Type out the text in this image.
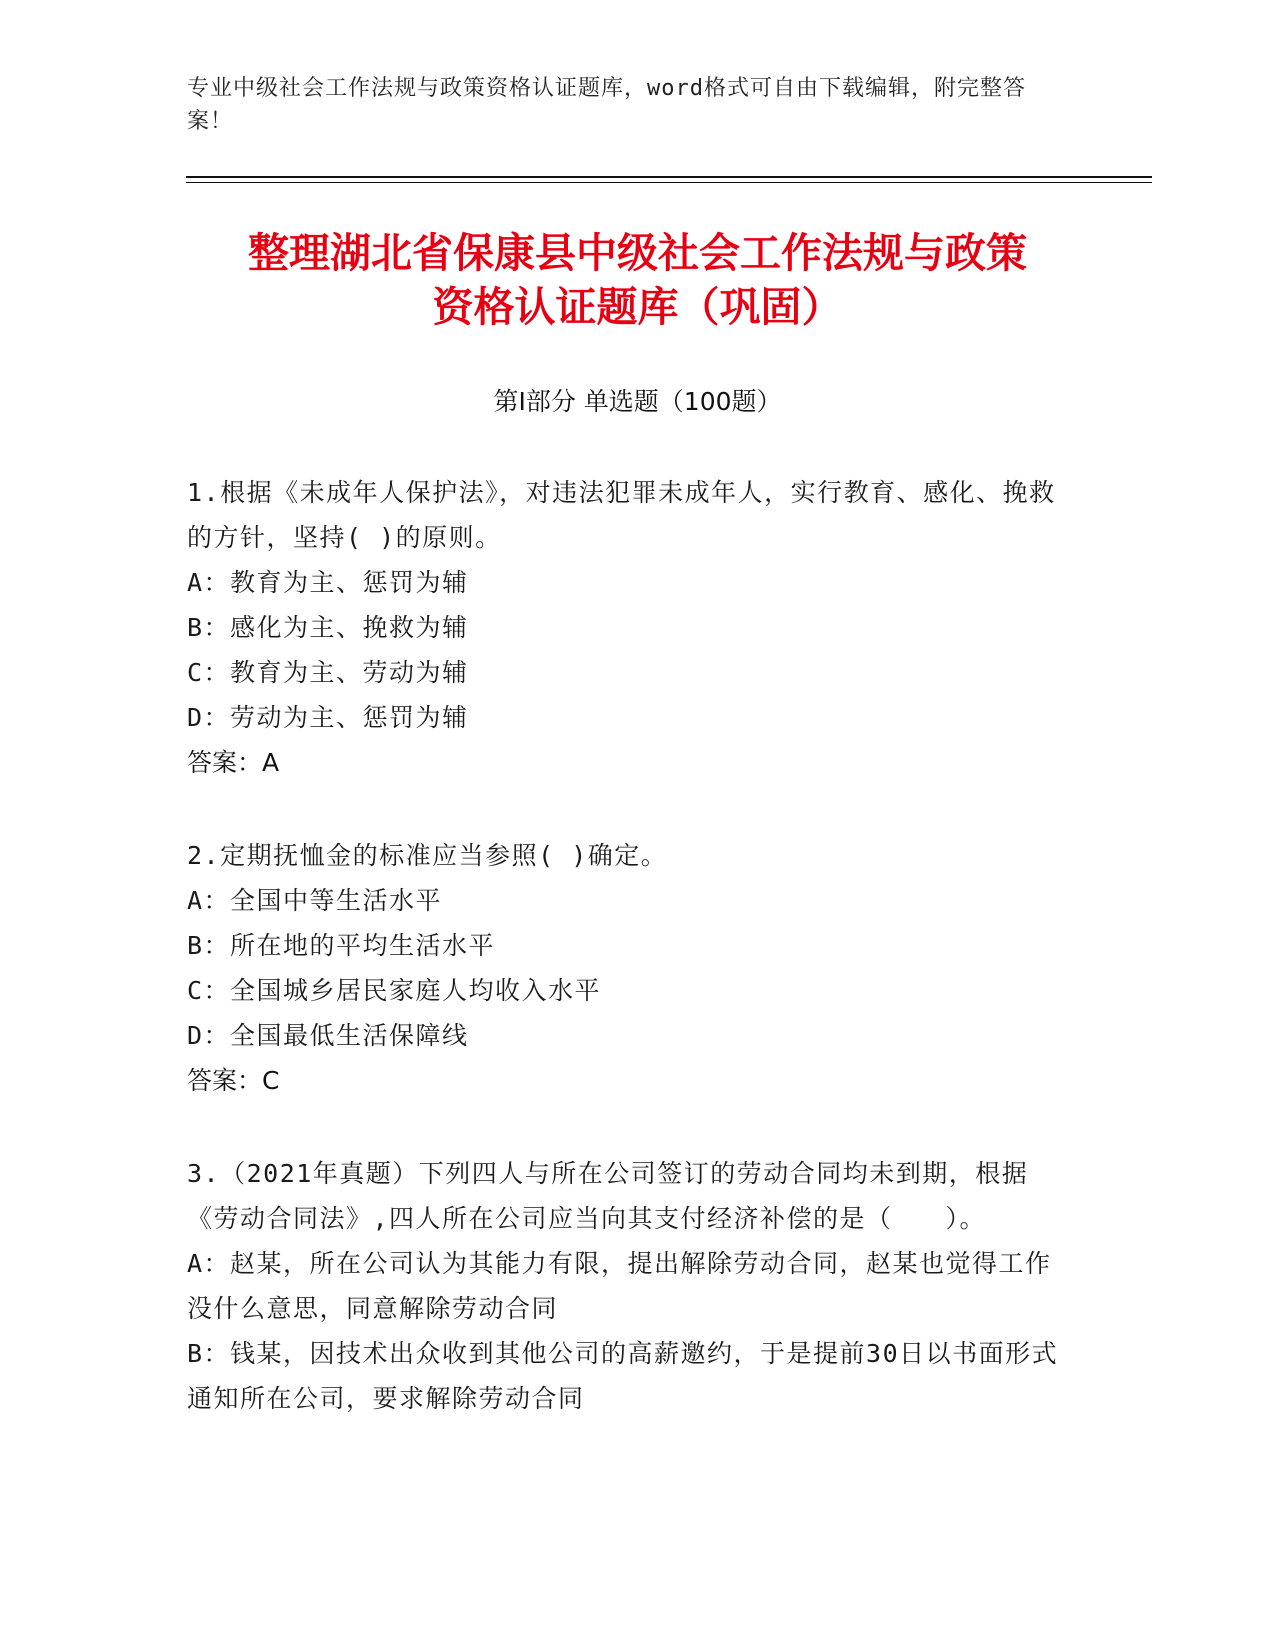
专业中级社会工作法规与政策资格认证题库，word格式可自由下载编辑，附完整答案！
整理湖北省保康县中级社会工作法规与政策
资格认证题库（巩固）
第I部分 单选题（100题）

1.根据《未成年人保护法》，对违法犯罪未成年人，实行教育、感化、挽救的方针，坚持( )的原则。

A：教育为主、惩罚为辅

B：感化为主、挽救为辅

C：教育为主、劳动为辅

D：劳动为主、惩罚为辅

答案：A

2.定期抚恤金的标准应当参照( )确定。

A：全国中等生活水平

B：所在地的平均生活水平

C：全国城乡居民家庭人均收入水平

D：全国最低生活保障线

答案：C

3.（2021年真题）下列四人与所在公司签订的劳动合同均未到期，根据《劳动合同法》,四人所在公司应当向其支付经济补偿的是（　　）。

A：赵某，所在公司认为其能力有限，提出解除劳动合同，赵某也觉得工作没什么意思，同意解除劳动合同

B：钱某，因技术出众收到其他公司的高薪邀约，于是提前30日以书面形式通知所在公司，要求解除劳动合同
